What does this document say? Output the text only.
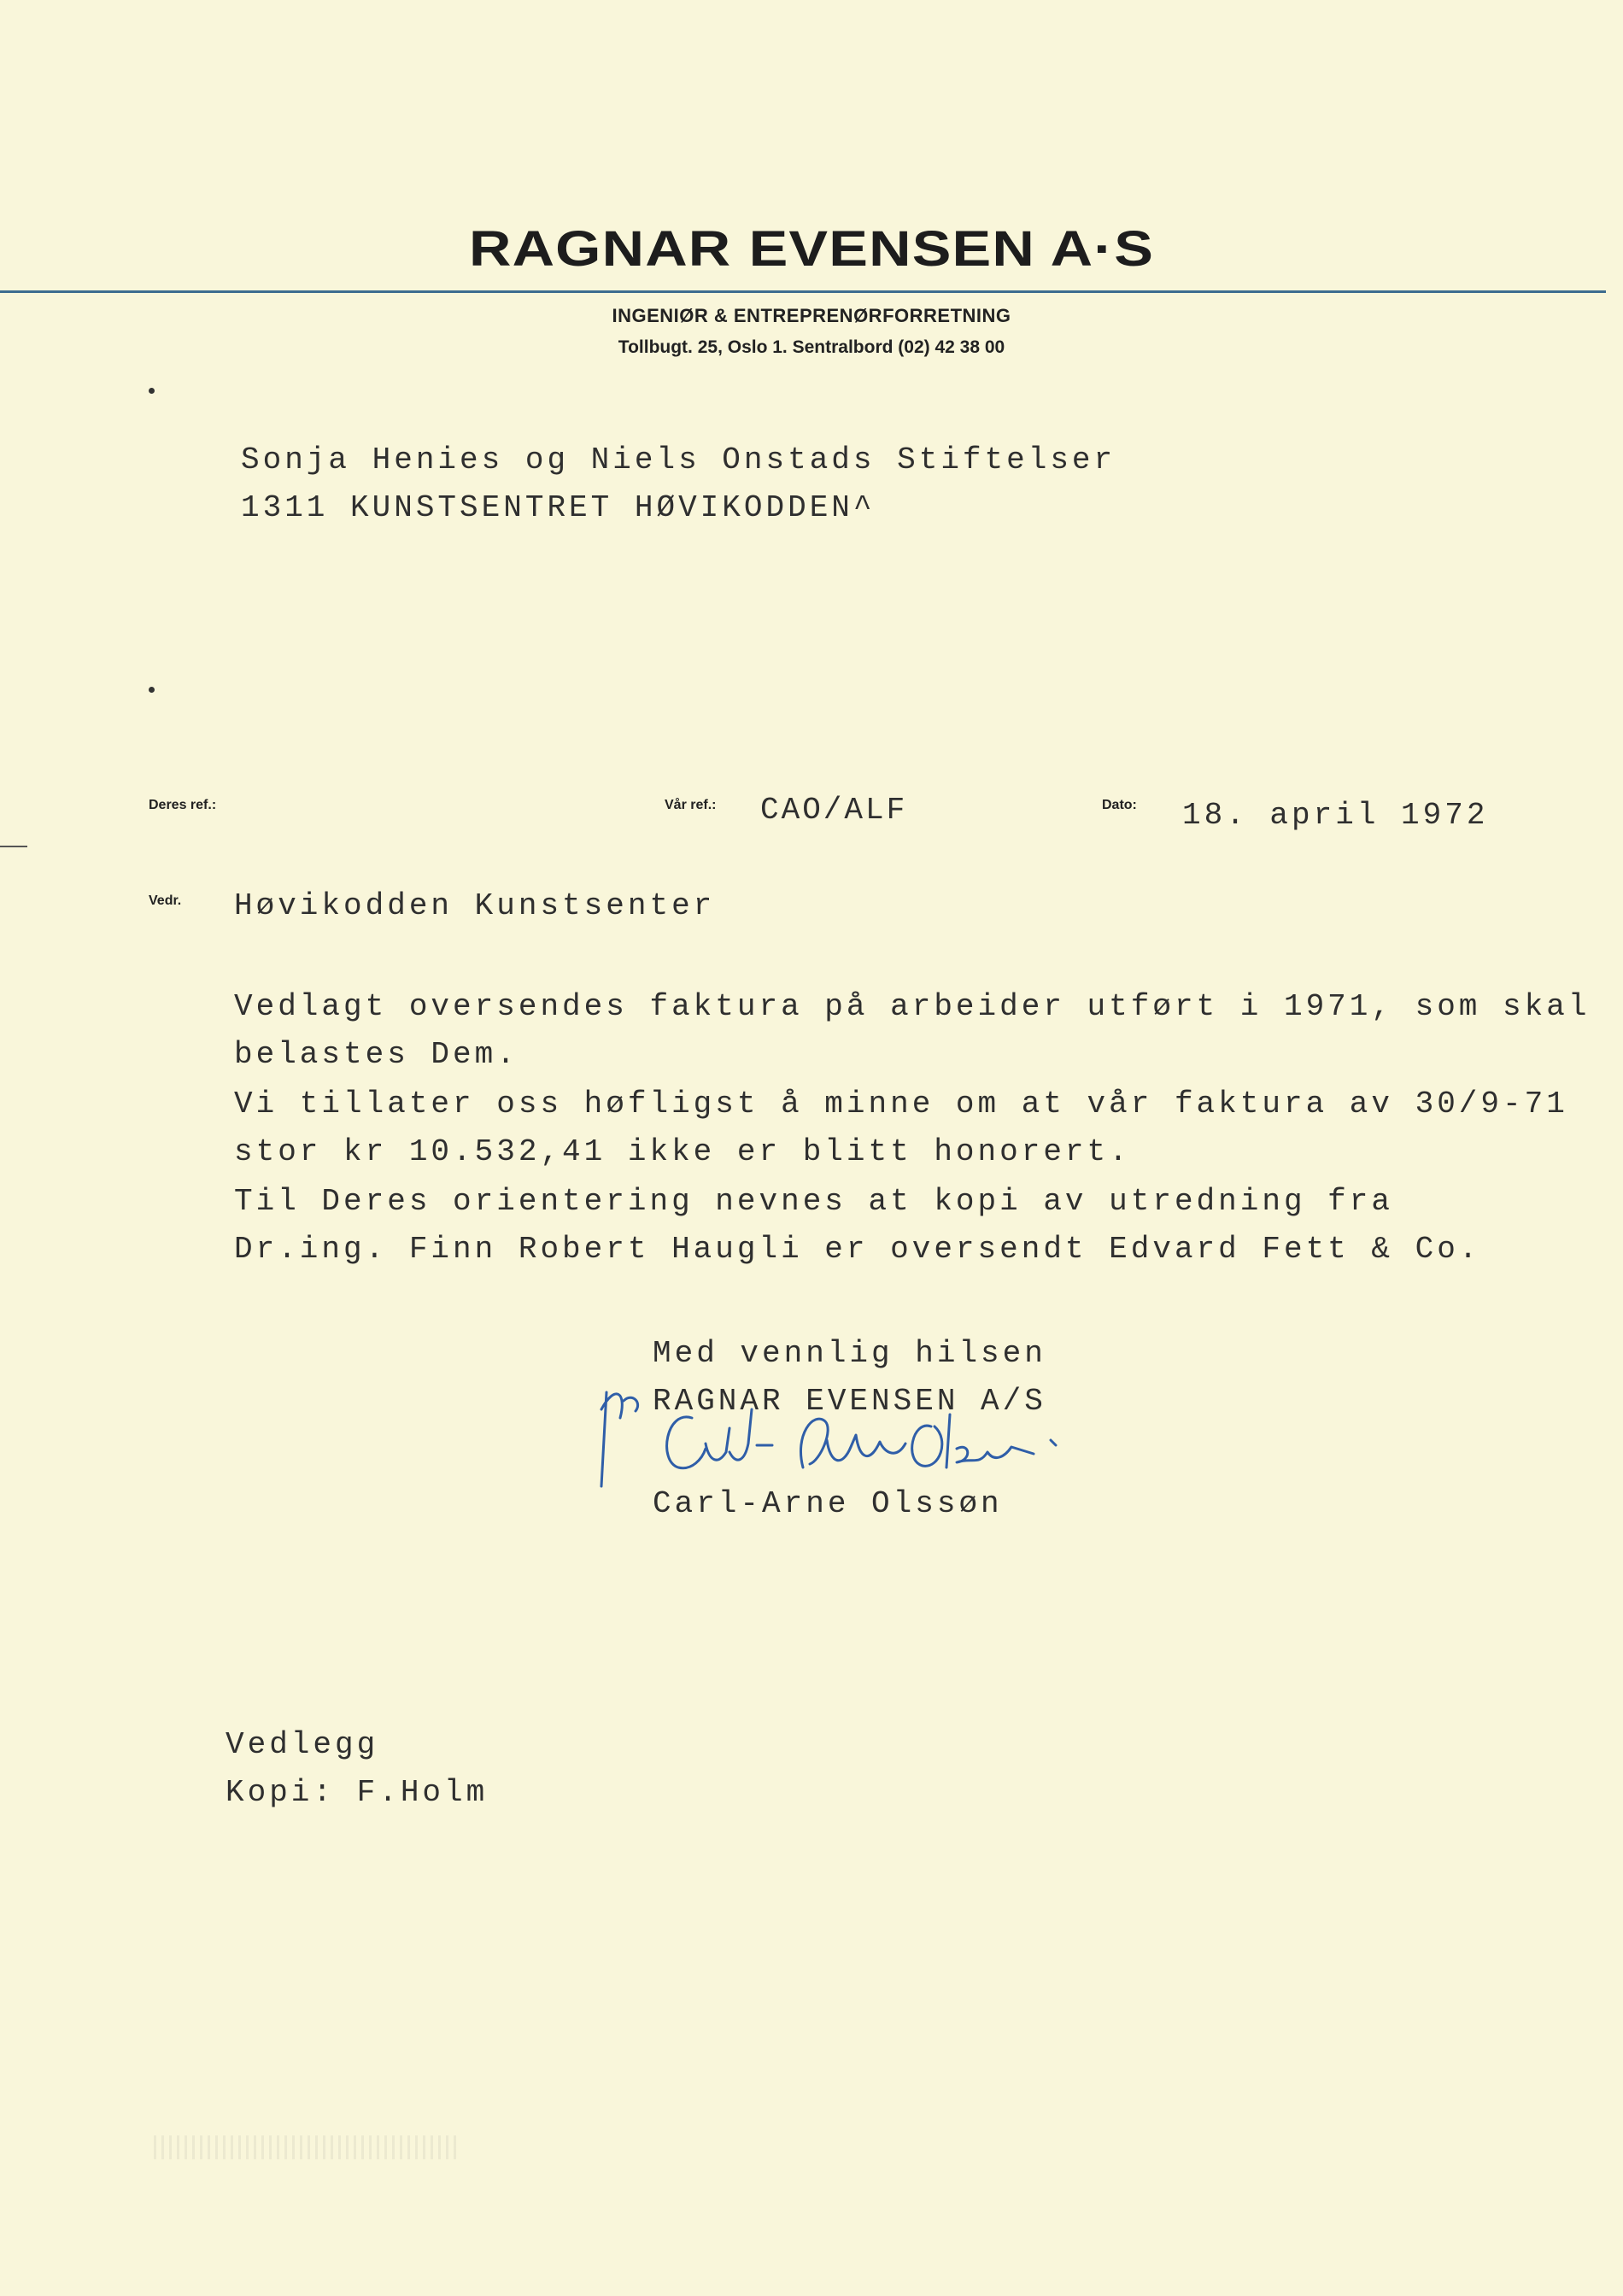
RAGNAR EVENSEN A·S
INGENIØR & ENTREPRENØRFORRETNING
Tollbugt. 25, Oslo 1. Sentralbord (02) 42 38 00
Sonja Henies og Niels Onstads Stiftelser
1311 KUNSTSENTRET HØVIKODDEN^
Deres ref.:	Vår ref.: CAO/ALF	Dato: 18. april 1972
Vedr. Høvikodden Kunstsenter
Vedlagt oversendes faktura på arbeider utført i 1971, som skal
belastes Dem.
Vi tillater oss høfligst å minne om at vår faktura av 30/9-71
stor kr 10.532,41 ikke er blitt honorert.
Til Deres orientering nevnes at kopi av utredning fra
Dr.ing. Finn Robert Haugli er oversendt Edvard Fett & Co.
Med vennlig hilsen
RAGNAR EVENSEN A/S
Carl-Arne Olssøn
Vedlegg
Kopi: F.Holm
